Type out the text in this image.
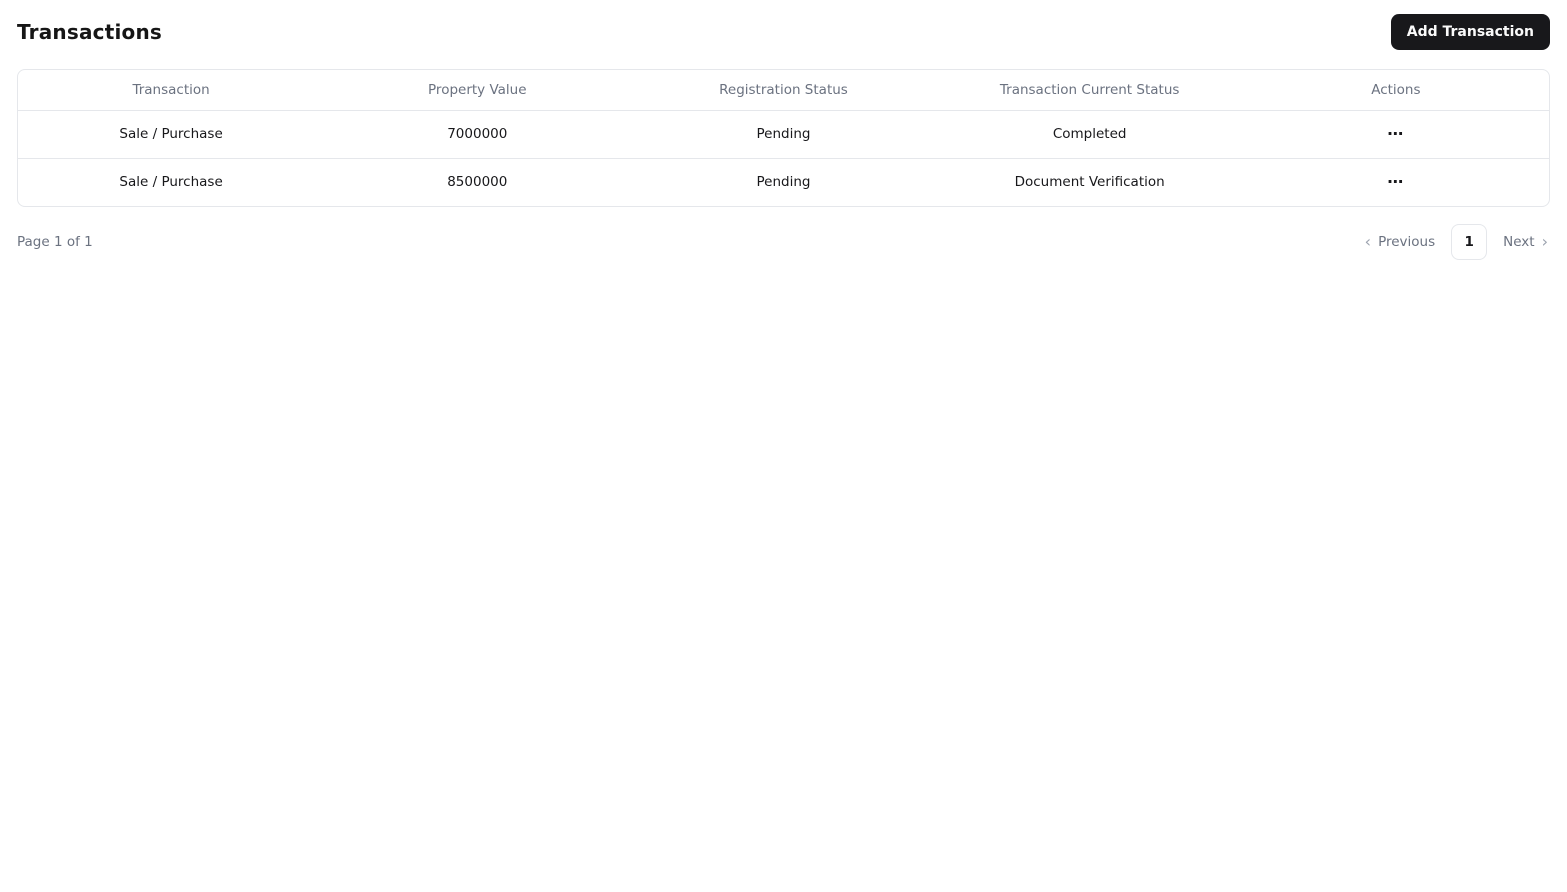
Transactions	Add Transaction
Transaction	Property Value	Registration Status	Transaction Current Status	Actions
Sale / Purchase	7000000	Pending	Completed	⋯
Sale / Purchase	8500000	Pending	Document Verification	⋯
Page 1 of 1	‹ Previous	1	Next ›
